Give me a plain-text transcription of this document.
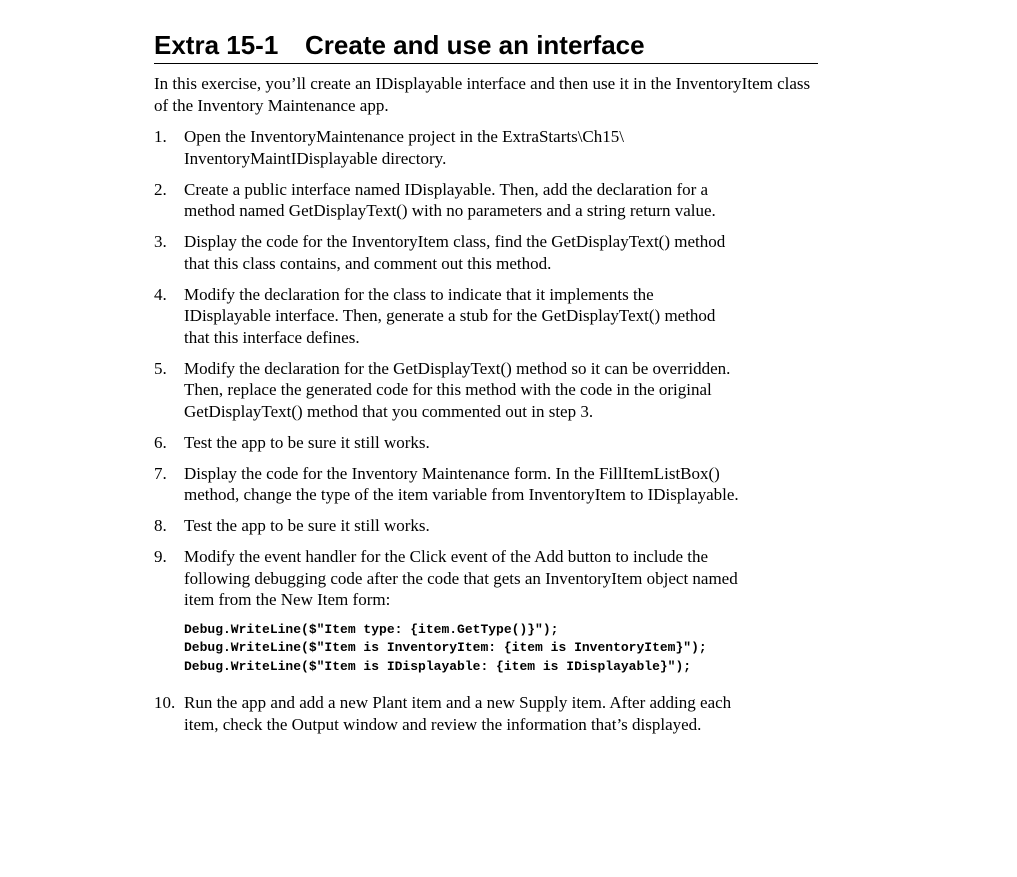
Extra 15-1 Create and use an interface
In this exercise, you’ll create an IDisplayable interface and then use it in the InventoryItem class of the Inventory Maintenance app.
1.	Open the InventoryMaintenance project in the ExtraStarts\Ch15\
InventoryMaintIDisplayable directory.
2.	Create a public interface named IDisplayable. Then, add the declaration for a
method named GetDisplayText() with no parameters and a string return value.
3.	Display the code for the InventoryItem class, find the GetDisplayText() method
that this class contains, and comment out this method.
4.	Modify the declaration for the class to indicate that it implements the
IDisplayable interface. Then, generate a stub for the GetDisplayText() method
that this interface defines.
5.	Modify the declaration for the GetDisplayText() method so it can be overridden.
Then, replace the generated code for this method with the code in the original
GetDisplayText() method that you commented out in step 3.
6.	Test the app to be sure it still works.
7.	Display the code for the Inventory Maintenance form. In the FillItemListBox()
method, change the type of the item variable from InventoryItem to IDisplayable.
8.	Test the app to be sure it still works.
9.	Modify the event handler for the Click event of the Add button to include the
following debugging code after the code that gets an InventoryItem object named
item from the New Item form:
Debug.WriteLine($"Item type: {item.GetType()}");
Debug.WriteLine($"Item is InventoryItem: {item is InventoryItem}");
Debug.WriteLine($"Item is IDisplayable: {item is IDisplayable}");
10. Run the app and add a new Plant item and a new Supply item. After adding each
item, check the Output window and review the information that’s displayed.
